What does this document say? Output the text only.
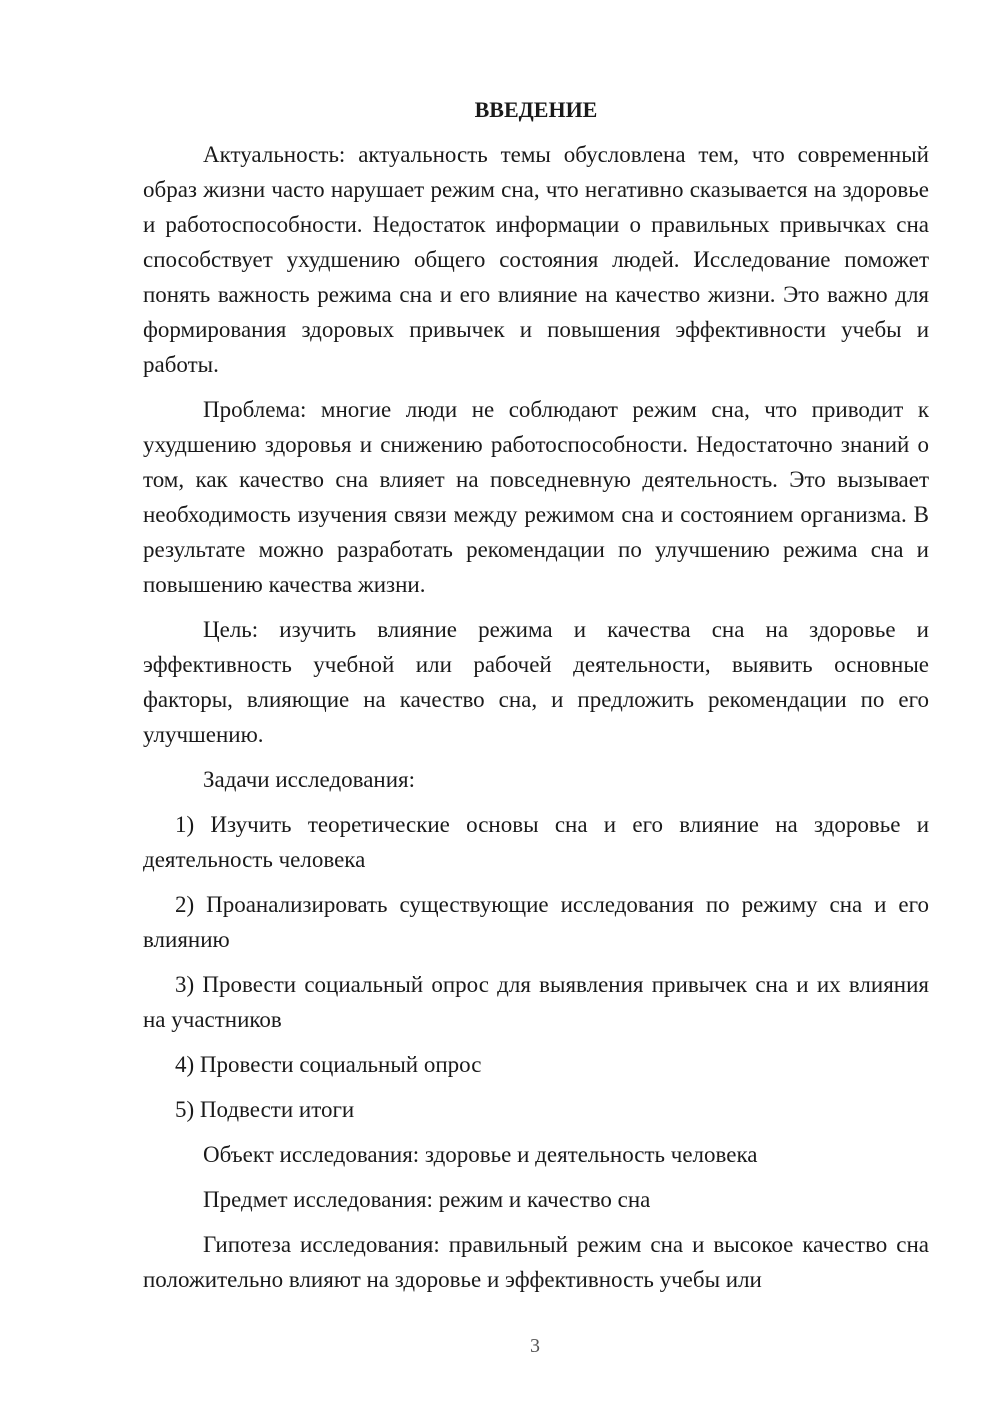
ВВЕДЕНИЕ

Актуальность: актуальность темы обусловлена тем, что современный образ жизни часто нарушает режим сна, что негативно сказывается на здоровье и работоспособности. Недостаток информации о правильных привычках сна способствует ухудшению общего состояния людей. Исследование поможет понять важность режима сна и его влияние на качество жизни. Это важно для формирования здоровых привычек и повышения эффективности учебы и работы.

Проблема: многие люди не соблюдают режим сна, что приводит к ухудшению здоровья и снижению работоспособности. Недостаточно знаний о том, как качество сна влияет на повседневную деятельность. Это вызывает необходимость изучения связи между режимом сна и состоянием организма. В результате можно разработать рекомендации по улучшению режима сна и повышению качества жизни.

Цель: изучить влияние режима и качества сна на здоровье и эффективность учебной или рабочей деятельности, выявить основные факторы, влияющие на качество сна, и предложить рекомендации по его улучшению.

Задачи исследования:

1) Изучить теоретические основы сна и его влияние на здоровье и деятельность человека

2) Проанализировать существующие исследования по режиму сна и его влиянию

3) Провести социальный опрос для выявления привычек сна и их влияния на участников

4) Провести социальный опрос

5) Подвести итоги

Объект исследования: здоровье и деятельность человека

Предмет исследования: режим и качество сна

Гипотеза исследования: правильный режим сна и высокое качество сна положительно влияют на здоровье и эффективность учебы или

3
